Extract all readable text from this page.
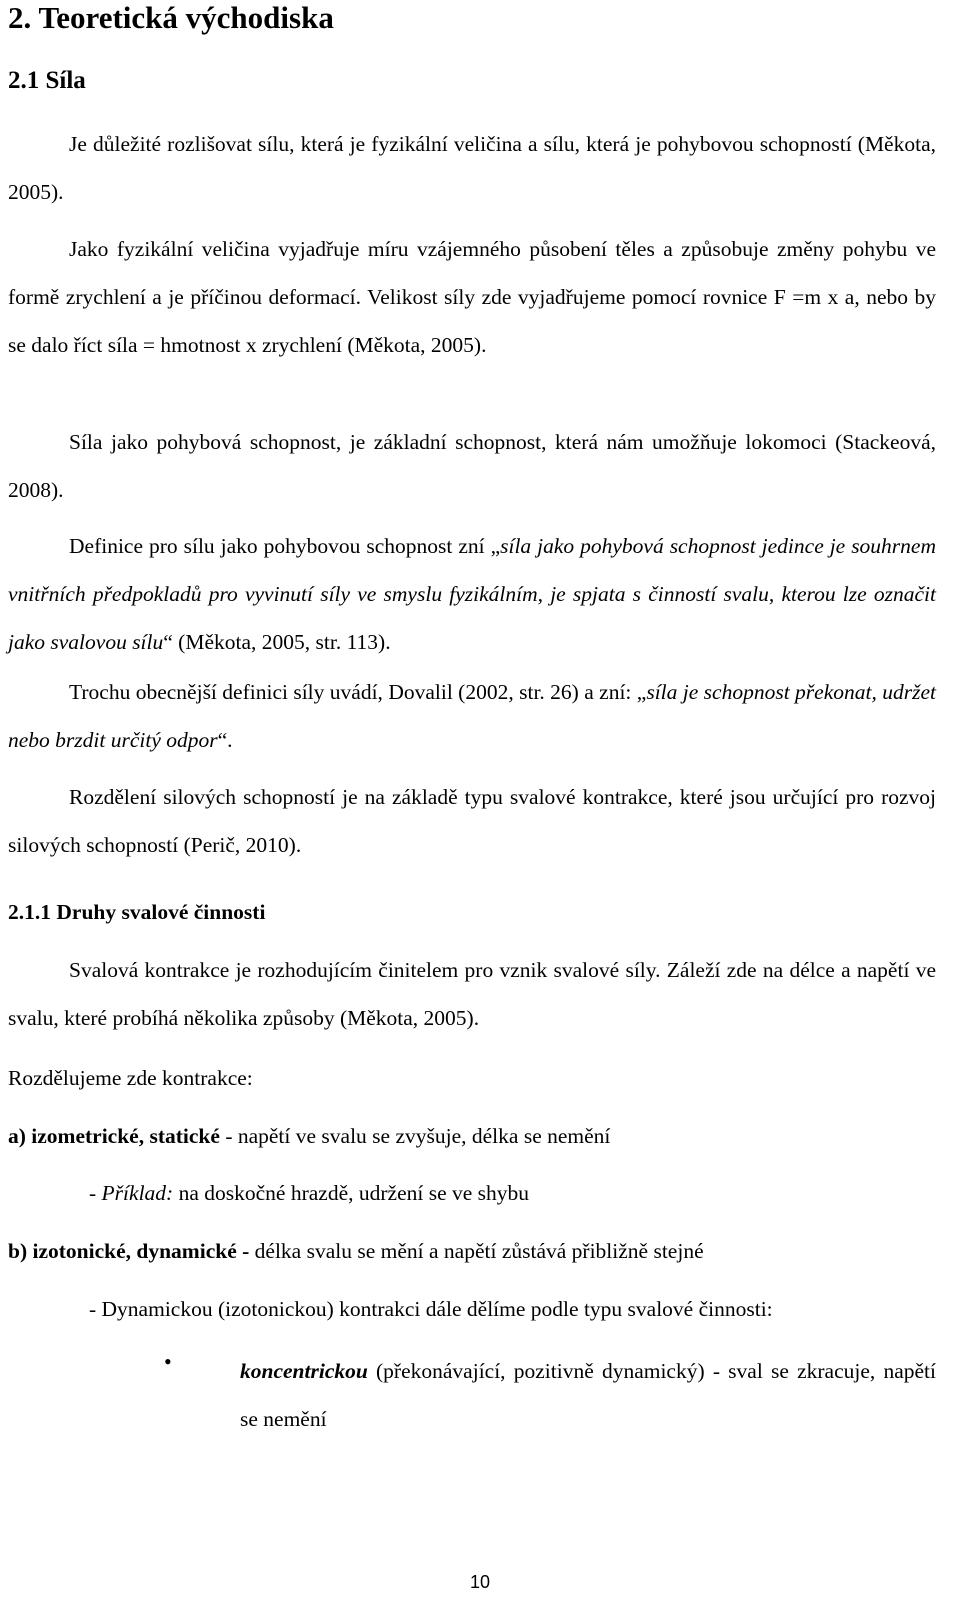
2. Teoretická východiska
2.1 Síla

Je důležité rozlišovat sílu, která je fyzikální veličina a sílu, která je pohybovou schopností (Měkota, 2005).

Jako fyzikální veličina vyjadřuje míru vzájemného působení těles a způsobuje změny pohybu ve formě zrychlení a je příčinou deformací. Velikost síly zde vyjadřujeme pomocí rovnice F =m x a, nebo by se dalo říct síla = hmotnost x zrychlení (Měkota, 2005).

Síla jako pohybová schopnost, je základní schopnost, která nám umožňuje lokomoci (Stackeová, 2008).

Definice pro sílu jako pohybovou schopnost zní „síla jako pohybová schopnost jedince je souhrnem vnitřních předpokladů pro vyvinutí síly ve smyslu fyzikálním, je spjata s činností svalu, kterou lze označit jako svalovou sílu“ (Měkota, 2005, str. 113).

Trochu obecnější definici síly uvádí, Dovalil (2002, str. 26) a zní: „síla je schopnost překonat, udržet nebo brzdit určitý odpor“.

Rozdělení silových schopností je na základě typu svalové kontrakce, které jsou určující pro rozvoj silových schopností (Perič, 2010).

2.1.1 Druhy svalové činnosti

Svalová kontrakce je rozhodujícím činitelem pro vznik svalové síly. Záleží zde na délce a napětí ve svalu, které probíhá několika způsoby (Měkota, 2005).

Rozdělujeme zde kontrakce:
a) izometrické, statické - napětí ve svalu se zvyšuje, délka se nemění
- Příklad: na doskočné hrazdě, udržení se ve shybu
b) izotonické, dynamické - délka svalu se mění a napětí zůstává přibližně stejné
- Dynamickou (izotonickou) kontrakci dále dělíme podle typu svalové činnosti:
•	koncentrickou (překonávající, pozitivně dynamický) - sval se zkracuje, napětí se nemění

10
